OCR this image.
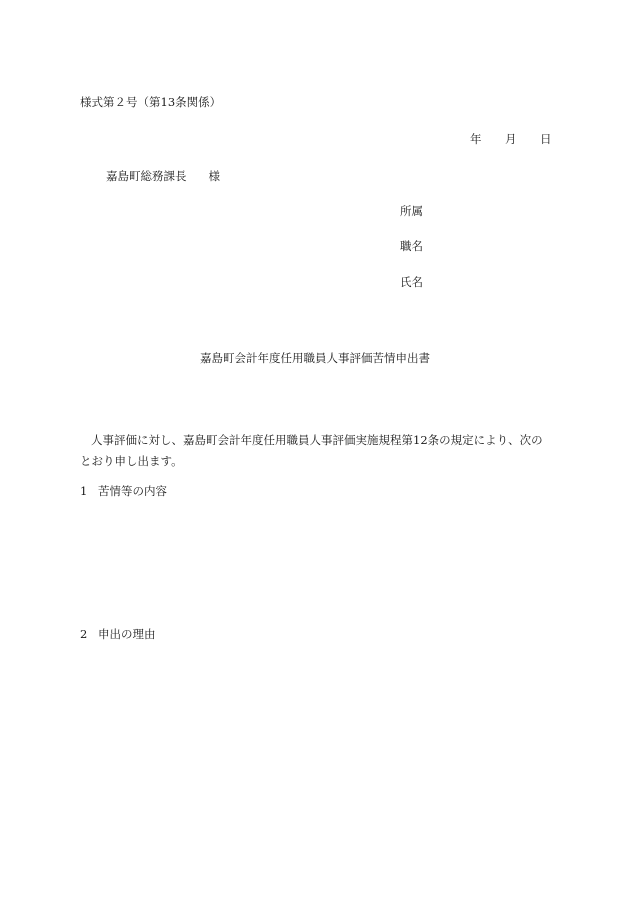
様式第２号（第13条関係）
年 月 日
嘉島町総務課長 様
所属
職名
氏名
嘉島町会計年度任用職員人事評価苦情申出書
人事評価に対し、嘉島町会計年度任用職員人事評価実施規程第12条の規定により、次のとおり申し出ます。
1 苦情等の内容
2 申出の理由
